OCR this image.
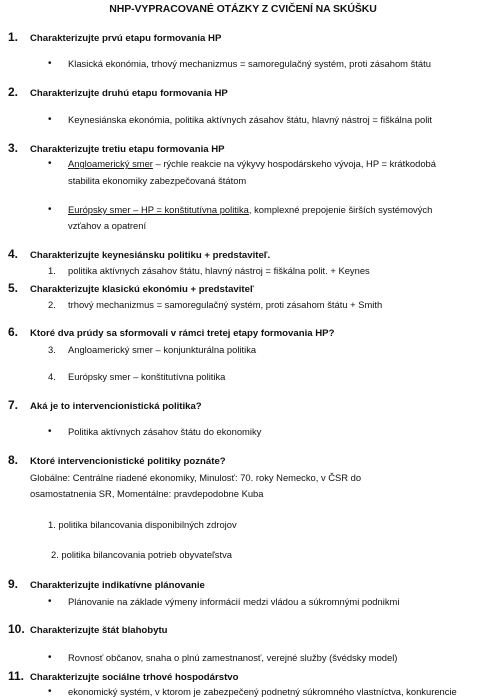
NHP-VYPRACOVANÉ OTÁZKY Z CVIČENÍ NA SKÚŠKU
1. Charakterizujte prvú etapu formovania HP
• Klasická ekonómia, trhový mechanizmus = samoregulačný systém, proti zásahom štátu
2. Charakterizujte druhú etapu formovania HP
• Keynesiánska ekonómia, politika aktívnych zásahov štátu, hlavný nástroj = fiškálna polit
3. Charakterizujte tretiu etapu formovania HP
• Angloamerický smer – rýchle reakcie na výkyvy hospodárskeho vývoja, HP = krátkodobá
stabilita ekonomiky zabezpečovaná štátom
• Európsky smer – HP = konštitutívna politika, komplexné prepojenie širších systémových
vzťahov a opatrení
4. Charakterizujte keynesiánsku politiku + predstaviteľ.
1. politika aktívnych zásahov štátu, hlavný nástroj = fiškálna polit. + Keynes
5. Charakterizujte klasickú ekonómiu + predstaviteľ
2. trhový mechanizmus = samoregulačný systém, proti zásahom štátu + Smith
6. Ktoré dva prúdy sa sformovali v rámci tretej etapy formovania HP?
3. Angloamerický smer – konjunkturálna politika
4. Európsky smer – konštitutívna politika
7. Aká je to intervencionistická politika?
• Politika aktívnych zásahov štátu do ekonomiky
8. Ktoré intervencionistické politiky poznáte?
Globálne: Centrálne riadené ekonomiky, Minulosť: 70. roky Nemecko, v ČSR do
osamostatnenia SR, Momentálne: pravdepodobne Kuba
1. politika bilancovania disponibilných zdrojov
2. politika bilancovania potrieb obyvateľstva
9. Charakterizujte indikatívne plánovanie
• Plánovanie na základe výmeny informácií medzi vládou a súkromnými podnikmi
10. Charakterizujte štát blahobytu
• Rovnosť občanov, snaha o plnú zamestnanosť, verejné služby (švédsky model)
11. Charakterizujte sociálne trhové hospodárstvo
• ekonomický systém, v ktorom je zabezpečený podnetný súkromného vlastníctva, konkurencie
